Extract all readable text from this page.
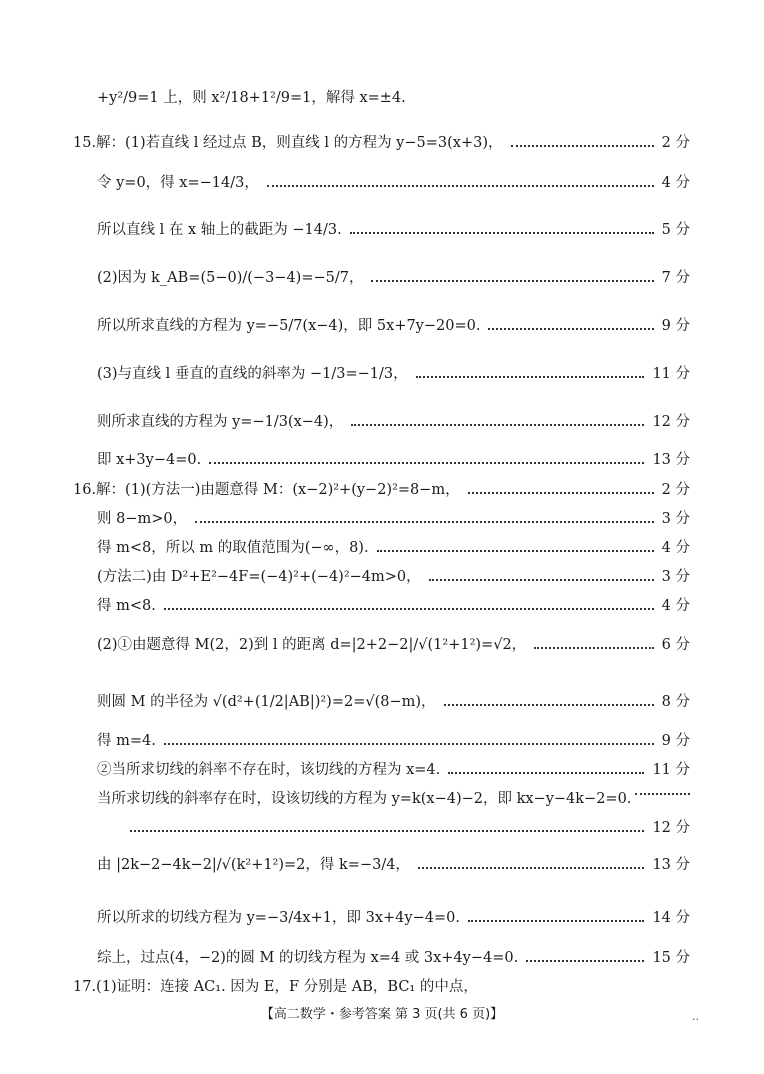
+y²/9=1 上，则 x²/18+1²/9=1，解得 x=±4.
15.解：(1)若直线 l 经过点 B，则直线 l 的方程为 y−5=3(x+3)，	2 分
令 y=0，得 x=−14/3，	4 分
所以直线 l 在 x 轴上的截距为 −14/3.	5 分
(2)因为 k_AB=(5−0)/(−3−4)=−5/7，	7 分
所以所求直线的方程为 y=−5/7(x−4)，即 5x+7y−20=0.	9 分
(3)与直线 l 垂直的直线的斜率为 −1/3=−1/3，	11 分
则所求直线的方程为 y=−1/3(x−4)，	12 分
即 x+3y−4=0.	13 分
16.解：(1)(方法一)由题意得 M：(x−2)²+(y−2)²=8−m，	2 分
则 8−m>0，	3 分
得 m<8，所以 m 的取值范围为(−∞，8).	4 分
(方法二)由 D²+E²−4F=(−4)²+(−4)²−4m>0，	3 分
得 m<8.	4 分
(2)①由题意得 M(2，2)到 l 的距离 d=|2+2−2|/√(1²+1²)=√2，	6 分
则圆 M 的半径为 √(d²+(1/2|AB|)²)=2=√(8−m)，	8 分
得 m=4.	9 分
②当所求切线的斜率不存在时，该切线的方程为 x=4.	11 分
当所求切线的斜率存在时，设该切线的方程为 y=k(x−4)−2，即 kx−y−4k−2=0.
12 分
由 |2k−2−4k−2|/√(k²+1²)=2，得 k=−3/4，	13 分
所以所求的切线方程为 y=−3/4x+1，即 3x+4y−4=0.	14 分
综上，过点(4，−2)的圆 M 的切线方程为 x=4 或 3x+4y−4=0.	15 分
17.(1)证明：连接 AC₁. 因为 E，F 分别是 AB，BC₁ 的中点，
【高二数学・参考答案 第 3 页(共 6 页)】	..
